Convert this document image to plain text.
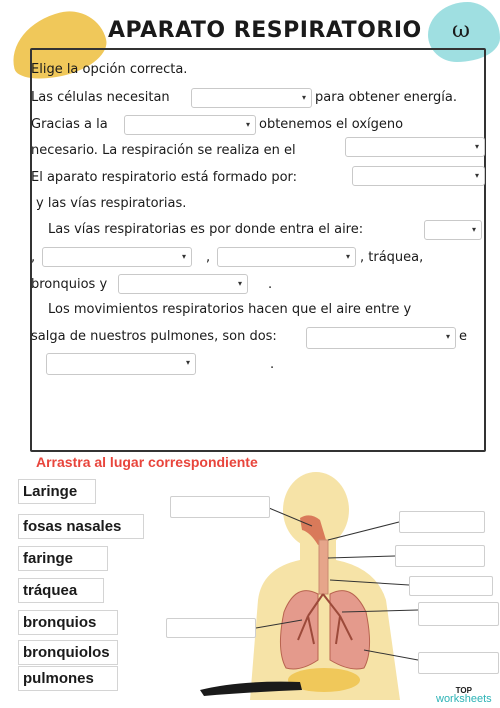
ω
APARATO RESPIRATORIO
Elige la opción correcta.
Las células necesitan	▾ para obtener energía.
Gracias a la	▾ obtenemos el oxígeno
necesario. La respiración se realiza en el	▾
El aparato respiratorio está formado por:	▾
y las vías respiratorias.
Las vías respiratorias es por donde entra el aire:	▾
,	▾ ,	▾ , tráquea,
bronquios y	▾ .
Los movimientos respiratorios hacen que el aire entre y
salga de nuestros pulmones, son dos:	▾ e
▾	.
Arrastra al lugar correspondiente
Laringe
fosas nasales
faringe
tráquea
bronquios
bronquiolos
pulmones
TOP
worksheets
